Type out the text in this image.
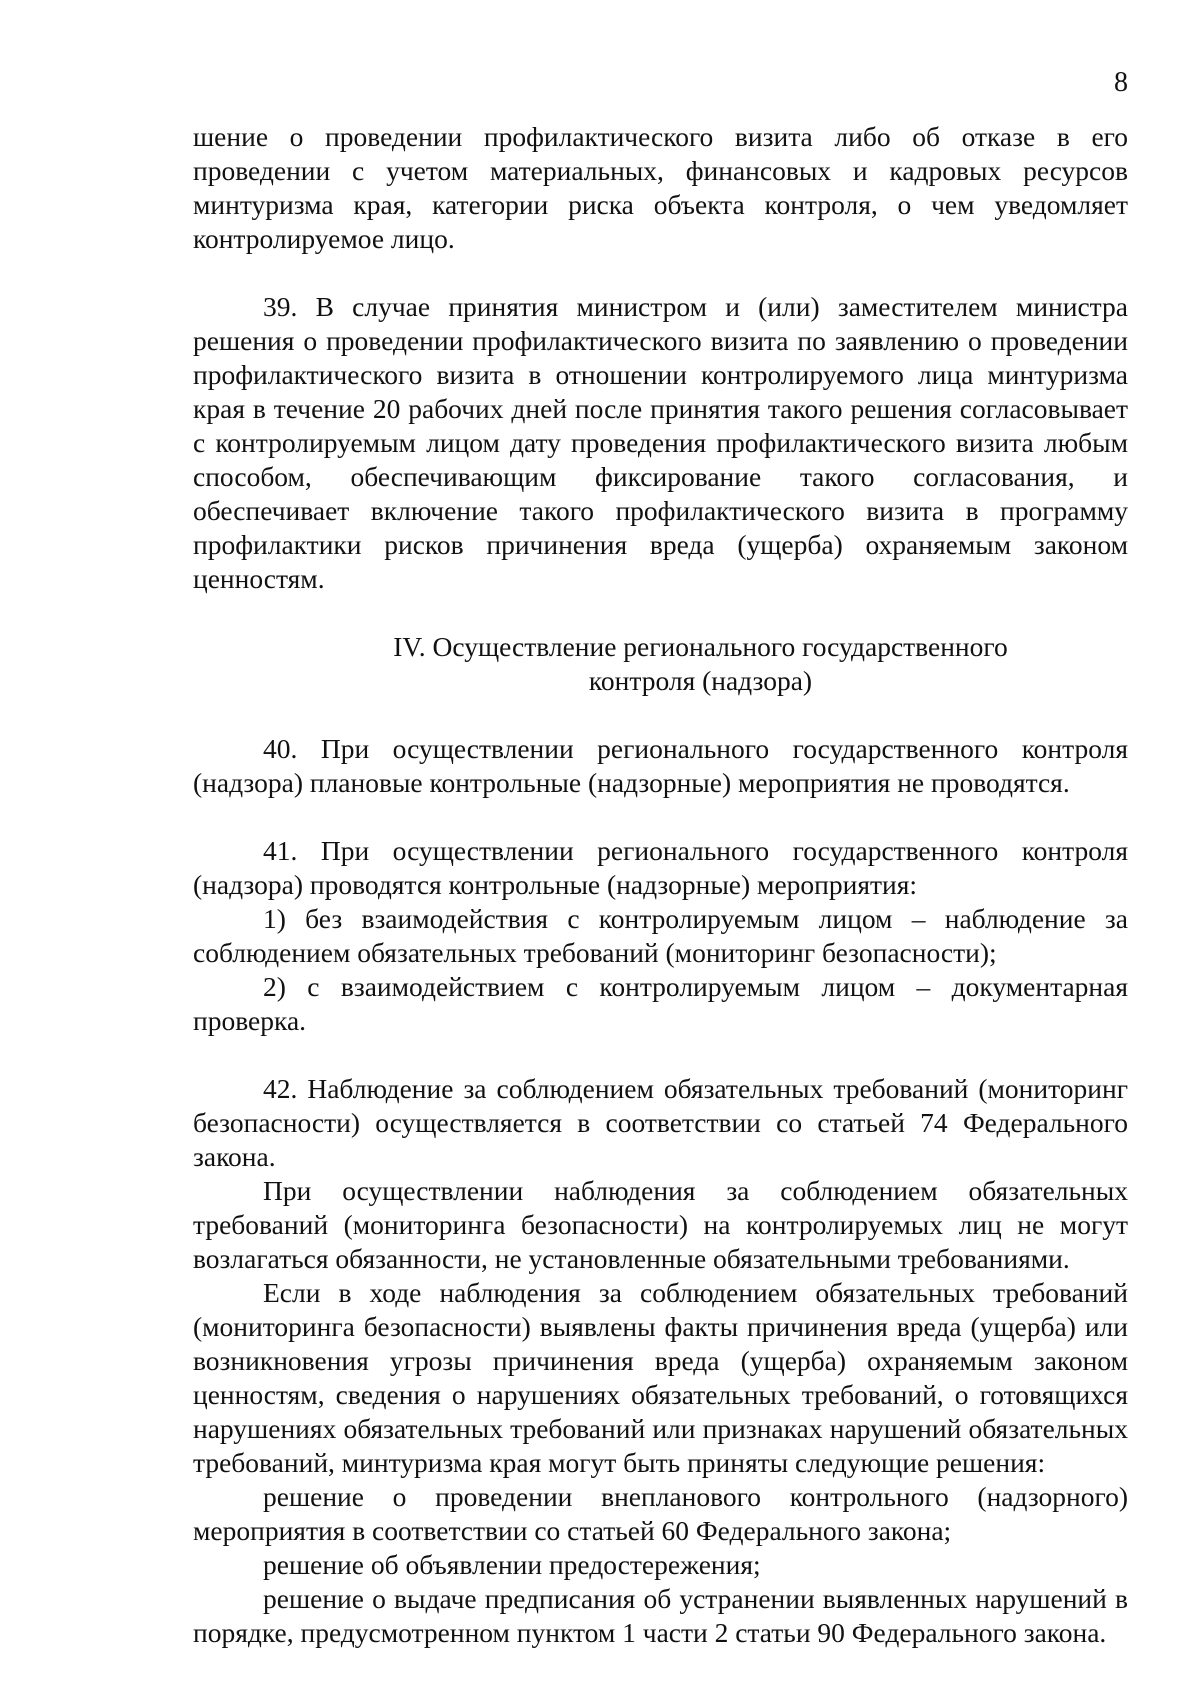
8

шение о проведении профилактического визита либо об отказе в его проведении с учетом материальных, финансовых и кадровых ресурсов минтуризма края, категории риска объекта контроля, о чем уведомляет контролируемое лицо.

39. В случае принятия министром и (или) заместителем министра решения о проведении профилактического визита по заявлению о проведении профилактического визита в отношении контролируемого лица минтуризма края в течение 20 рабочих дней после принятия такого решения согласовывает с контролируемым лицом дату проведения профилактического визита любым способом, обеспечивающим фиксирование такого согласования, и обеспечивает включение такого профилактического визита в программу профилактики рисков причинения вреда (ущерба) охраняемым законом ценностям.

IV. Осуществление регионального государственного
контроля (надзора)

40. При осуществлении регионального государственного контроля (надзора) плановые контрольные (надзорные) мероприятия не проводятся.

41. При осуществлении регионального государственного контроля (надзора) проводятся контрольные (надзорные) мероприятия:

1) без взаимодействия с контролируемым лицом – наблюдение за соблюдением обязательных требований (мониторинг безопасности);

2) с взаимодействием с контролируемым лицом – документарная проверка.

42. Наблюдение за соблюдением обязательных требований (мониторинг безопасности) осуществляется в соответствии со статьей 74 Федерального закона.

При осуществлении наблюдения за соблюдением обязательных требований (мониторинга безопасности) на контролируемых лиц не могут возлагаться обязанности, не установленные обязательными требованиями.

Если в ходе наблюдения за соблюдением обязательных требований (мониторинга безопасности) выявлены факты причинения вреда (ущерба) или возникновения угрозы причинения вреда (ущерба) охраняемым законом ценностям, сведения о нарушениях обязательных требований, о готовящихся нарушениях обязательных требований или признаках нарушений обязательных требований, минтуризма края могут быть приняты следующие решения:

решение о проведении внепланового контрольного (надзорного) мероприятия в соответствии со статьей 60 Федерального закона;

решение об объявлении предостережения;

решение о выдаче предписания об устранении выявленных нарушений в порядке, предусмотренном пунктом 1 части 2 статьи 90 Федерального закона.
